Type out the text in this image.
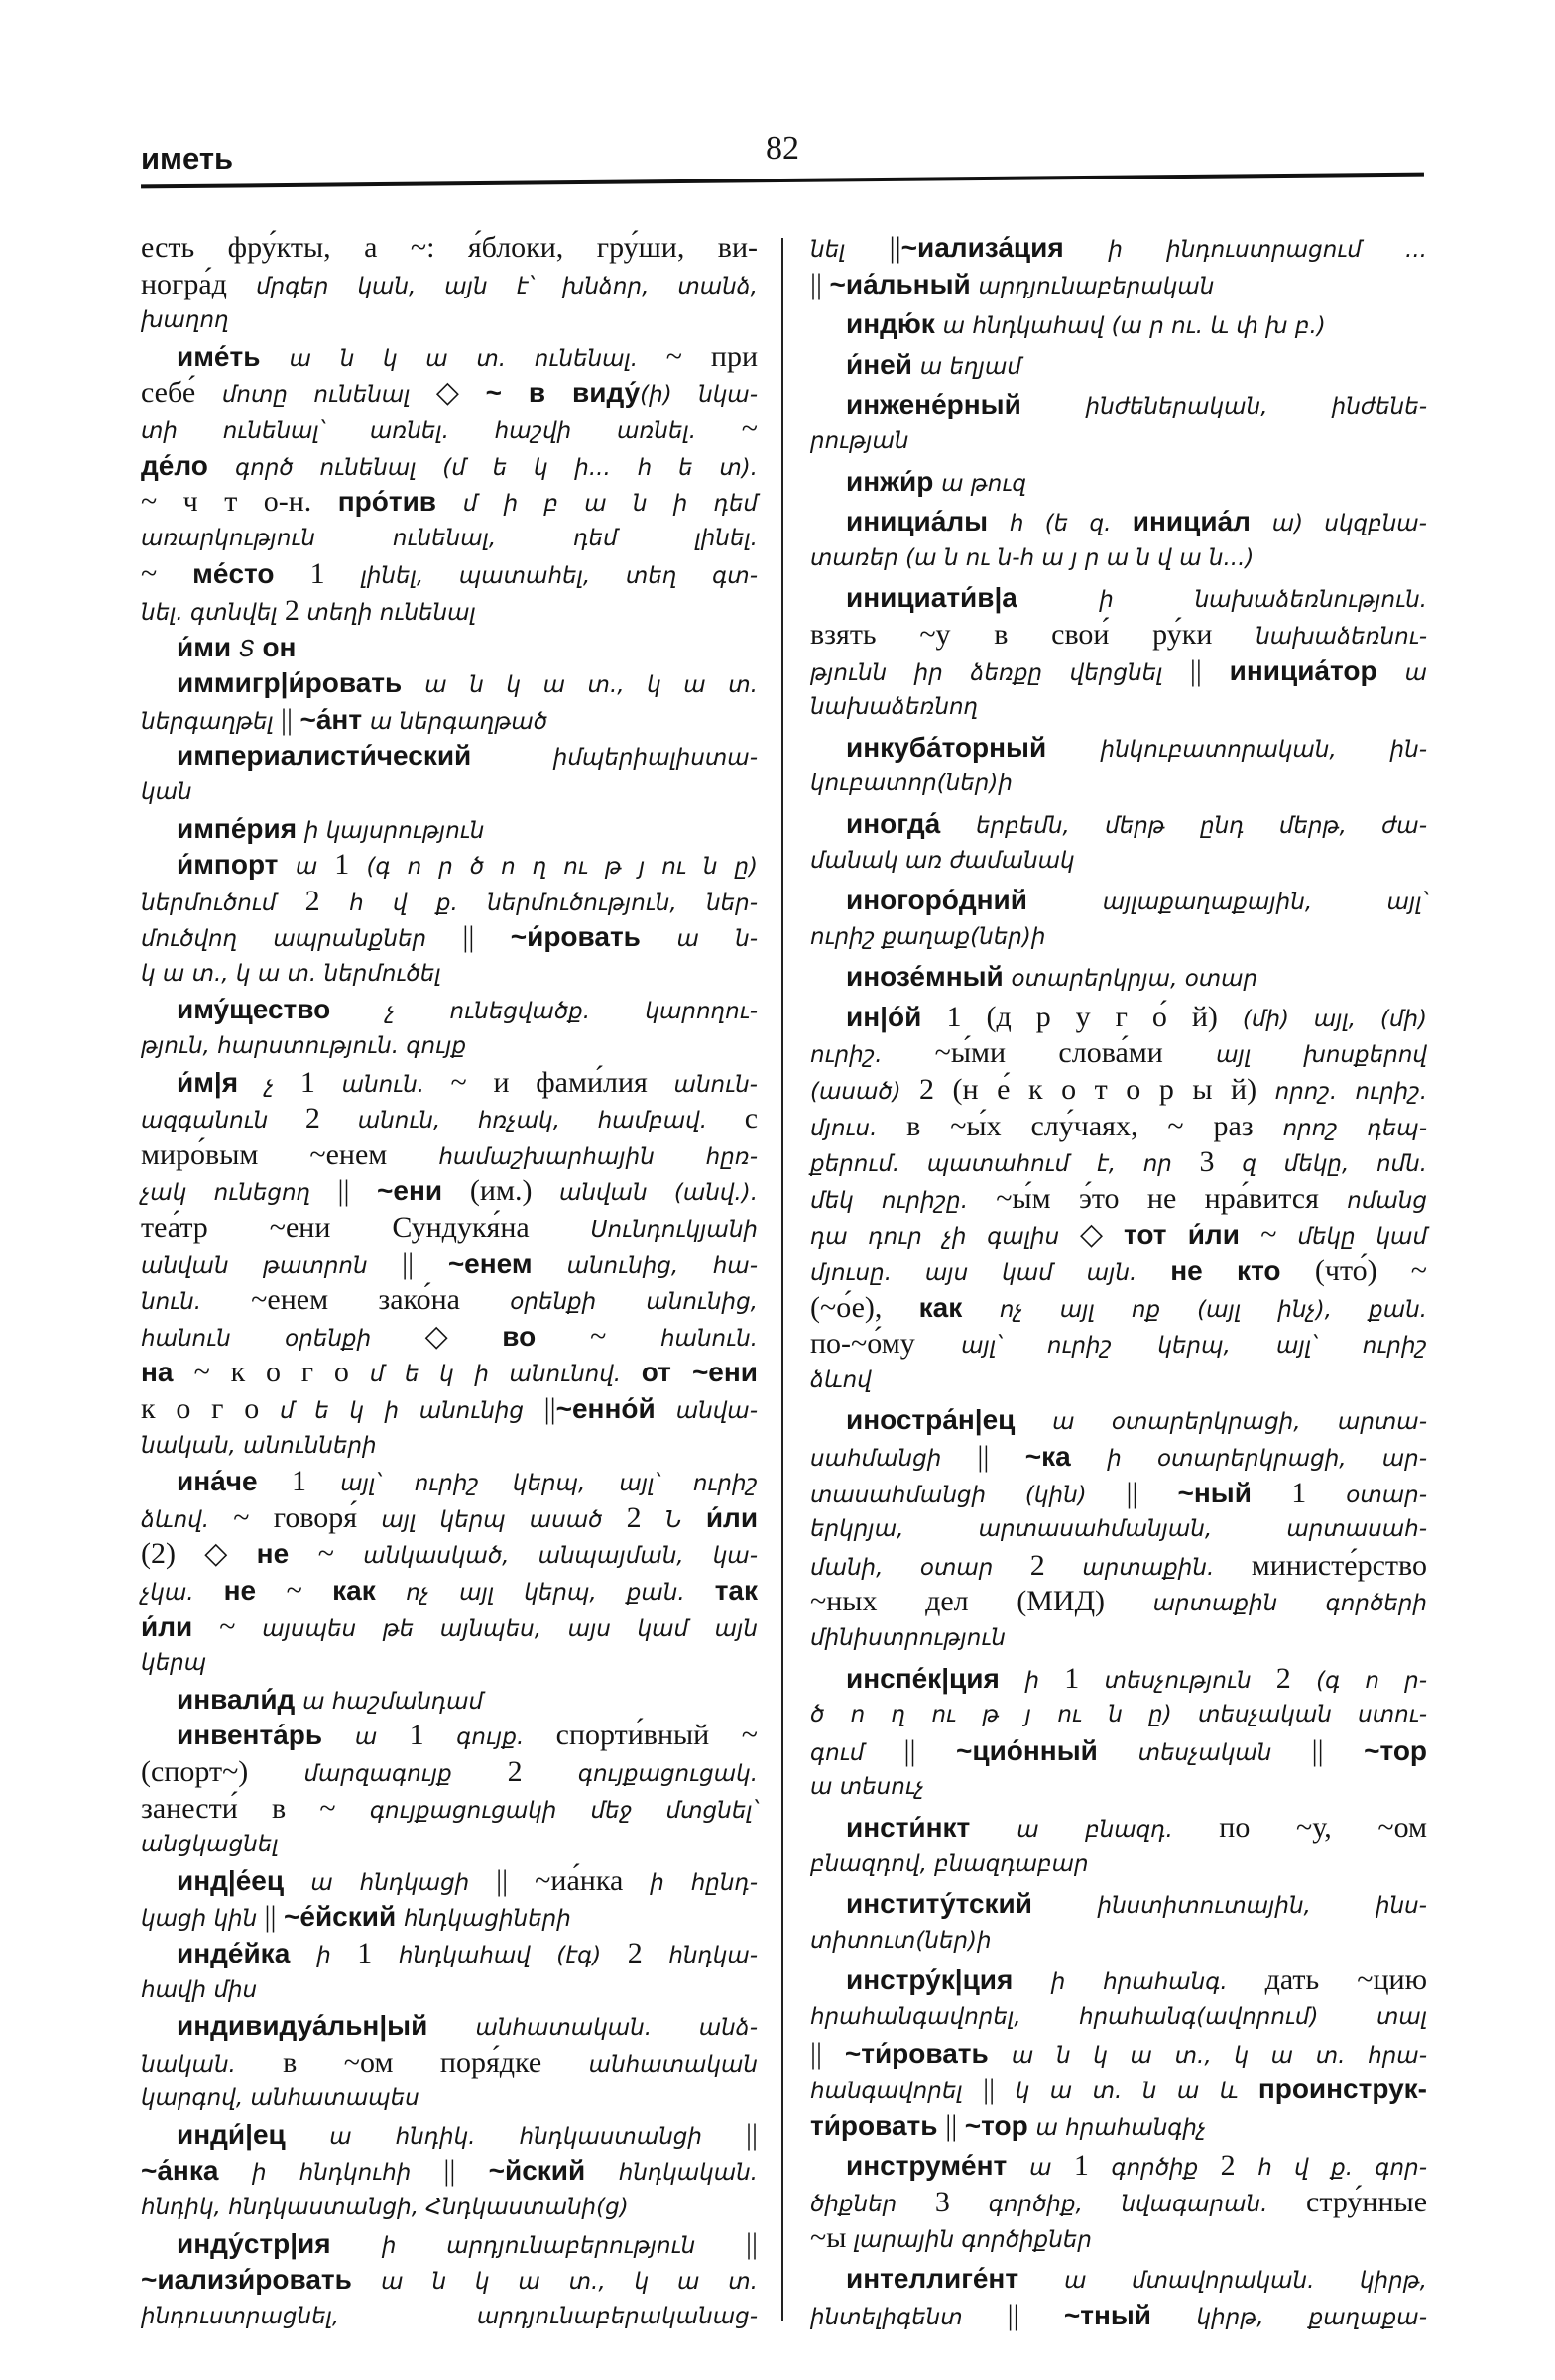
иметь	82
есть фру́кты, а ~: я́блоки, гру́ши, ви-
ногра́д մրգեր կան, այն է՝ խնձոր, տանձ,
խաղող
име́ть ա ն կ ա տ. ունենալ. ~ при
себе́ մոտը ունենալ ◇ ~ в виду́(ի) նկա-
տի ունենալ՝ առնել. հաշվի առնել. ~
де́ло գործ ունենալ (մ ե կ ի... հ ե տ).
~ ч т о-н. про́тив մ ի բ ա ն ի դեմ
առարկություն ունենալ, դեմ լինել.
~ ме́сто 1 լինել, պատահել, տեղ գտ-
նել. գտնվել 2 տեղի ունենալ
и́ми Տ он
иммигр|и́ровать ա ն կ ա տ., կ ա տ.
ներգաղթել || ~а́нт ա ներգաղթած
империалисти́ческий իմպերիալիստա-
կան
импе́рия ի կայսրություն
и́мпорт ա 1 (գ ո ր ծ ո ղ ու թ յ ու ն ը)
ներմուծում 2 հ վ ք. ներմուծություն, ներ-
մուծվող ապրանքներ || ~и́ровать ա ն-
կ ա տ., կ ա տ. ներմուծել
иму́щество չ ունեցվածք. կարողու-
թյուն, հարստություն. գույք
и́м|я չ 1 անուն. ~ и фами́лия անուն-
ազգանուն 2 անուն, հռչակ, համբավ. с
миро́вым ~енем համաշխարհային հըռ-
չակ ունեցող || ~ени (им.) անվան (անվ.).
теа́тр ~ени Сундукя́на Սունդուկյանի
անվան թատրոն || ~енем անունից, հա-
նուն. ~енем зако́на օրենքի անունից,
հանուն օրենքի ◇ во ~ հանուն.
на ~ к о г о մ ե կ ի անունով. от ~ени
к о г о մ ե կ ի անունից ||~енно́й անվա-
նական, անունների
ина́че 1 այլ՝ ուրիշ կերպ, այլ՝ ուրիշ
ձևով. ~ говоря́ այլ կերպ ասած 2 Ն и́ли
(2) ◇ не ~ անկասկած, անպայման, կա-
չկա. не ~ как ոչ այլ կերպ, քան. так
и́ли ~ այսպես թե այնպես, այս կամ այն
կերպ
инвали́д ա հաշմանդամ
инвента́рь ա 1 գույք. спорти́вный ~
(спорт~) մարզագույք 2 գույքացուցակ.
занести́ в ~ գույքացուցակի մեջ մտցնել՝
անցկացնել
инд|е́ец ա հնդկացի || ~иа́нка ի հընդ-
կացի կին || ~е́йский հնդկացիների
инде́йка ի 1 հնդկահավ (էգ) 2 հնդկա-
հավի միս
индивидуа́льн|ый անհատական. անձ-
նական. в ~ом поря́дке անհատական
կարգով, անհատապես
инди́|ец ա հնդիկ. հնդկաստանցի ||
~а́нка ի հնդկուհի || ~йский հնդկական.
հնդիկ, հնդկաստանցի, Հնդկաստանի(ց)
инду́стр|ия ի արդյունաբերություն ||
~иализи́ровать ա ն կ ա տ., կ ա տ.
ինդուստրացնել, արդյունաբերականաց-
նել ||~иализа́ция ի ինդուստրացում ...
|| ~иа́льный արդյունաբերական
индю́к ա հնդկահավ (ա ր ու. և փ խ բ.)
и́ней ա եղյամ
инжене́рный ինժեներական, ինժենե-
րության
инжи́р ա թուզ
инициа́лы հ (ե զ. инициа́л ա) սկզբնա-
տառեր (ա ն ու ն-հ ա յ ր ա ն վ ա ն...)
инициати́в|а ի նախաձեռնություն.
взять ~у в свои́ ру́ки նախաձեռնու-
թյունն իր ձեռքը վերցնել || инициа́тор ա
նախաձեռնող
инкуба́торный ինկուբատորական, ին-
կուբատոր(ներ)ի
иногда́ երբեմն, մերթ ընդ մերթ, ժա-
մանակ առ ժամանակ
иногоро́дний այլաքաղաքային, այլ՝
ուրիշ քաղաք(ներ)ի
инозе́мный օտարերկրյա, օտար
ин|о́й 1 (д р у г о́ й) (մի) այլ, (մի)
ուրիշ. ~ы́ми слова́ми այլ խոսքերով
(ասած) 2 (н е́ к о т о р ы й) որոշ. ուրիշ.
մյուս. в ~ы́х слу́чаях, ~ раз որոշ դեպ-
քերում. պատահում է, որ 3 զ մեկը, ոմն.
մեկ ուրիշը. ~ы́м э́то не нра́вится ոմանց
դա դուր չի գալիս ◇ тот и́ли ~ մեկը կամ
մյուսը. այս կամ այն. не кто (что́) ~
(~о́е), как ոչ այլ ոք (այլ ինչ), քան.
по-~о́му այլ՝ ուրիշ կերպ, այլ՝ ուրիշ
ձևով
иностра́н|ец ա օտարերկրացի, արտա-
սահմանցի || ~ка ի օտարերկրացի, ար-
տասահմանցի (կին) || ~ный 1 օտար-
երկրյա, արտասահմանյան, արտասահ-
մանի, օտար 2 արտաքին. министе́рство
~ных дел (МИД) արտաքին գործերի
մինիստրություն
инспе́к|ция ի 1 տեսչություն 2 (գ ո ր-
ծ ո ղ ու թ յ ու ն ը) տեսչական ստու-
գում || ~цио́нный տեսչական || ~тор
ա տեսուչ
инсти́нкт ա բնազդ. по ~у, ~ом
բնազդով, բնազդաբար
институ́тский ինստիտուտային, ինս-
տիտուտ(ներ)ի
инстру́к|ция ի հրահանգ. дать ~цию
հրահանգավորել, հրահանգ(ավորում) տալ
|| ~ти́ровать ա ն կ ա տ., կ ա տ. հրա-
հանգավորել || կ ա տ. ն ա և проинструк-
ти́ровать || ~тор ա հրահանգիչ
инструме́нт ա 1 գործիք 2 հ վ ք. գոր-
ծիքներ 3 գործիք, նվագարան. стру́нные
~ы լարային գործիքներ
интеллиге́нт ա մտավորական. կիրթ,
ինտելիգենտ || ~тный կիրթ, քաղաքա-
